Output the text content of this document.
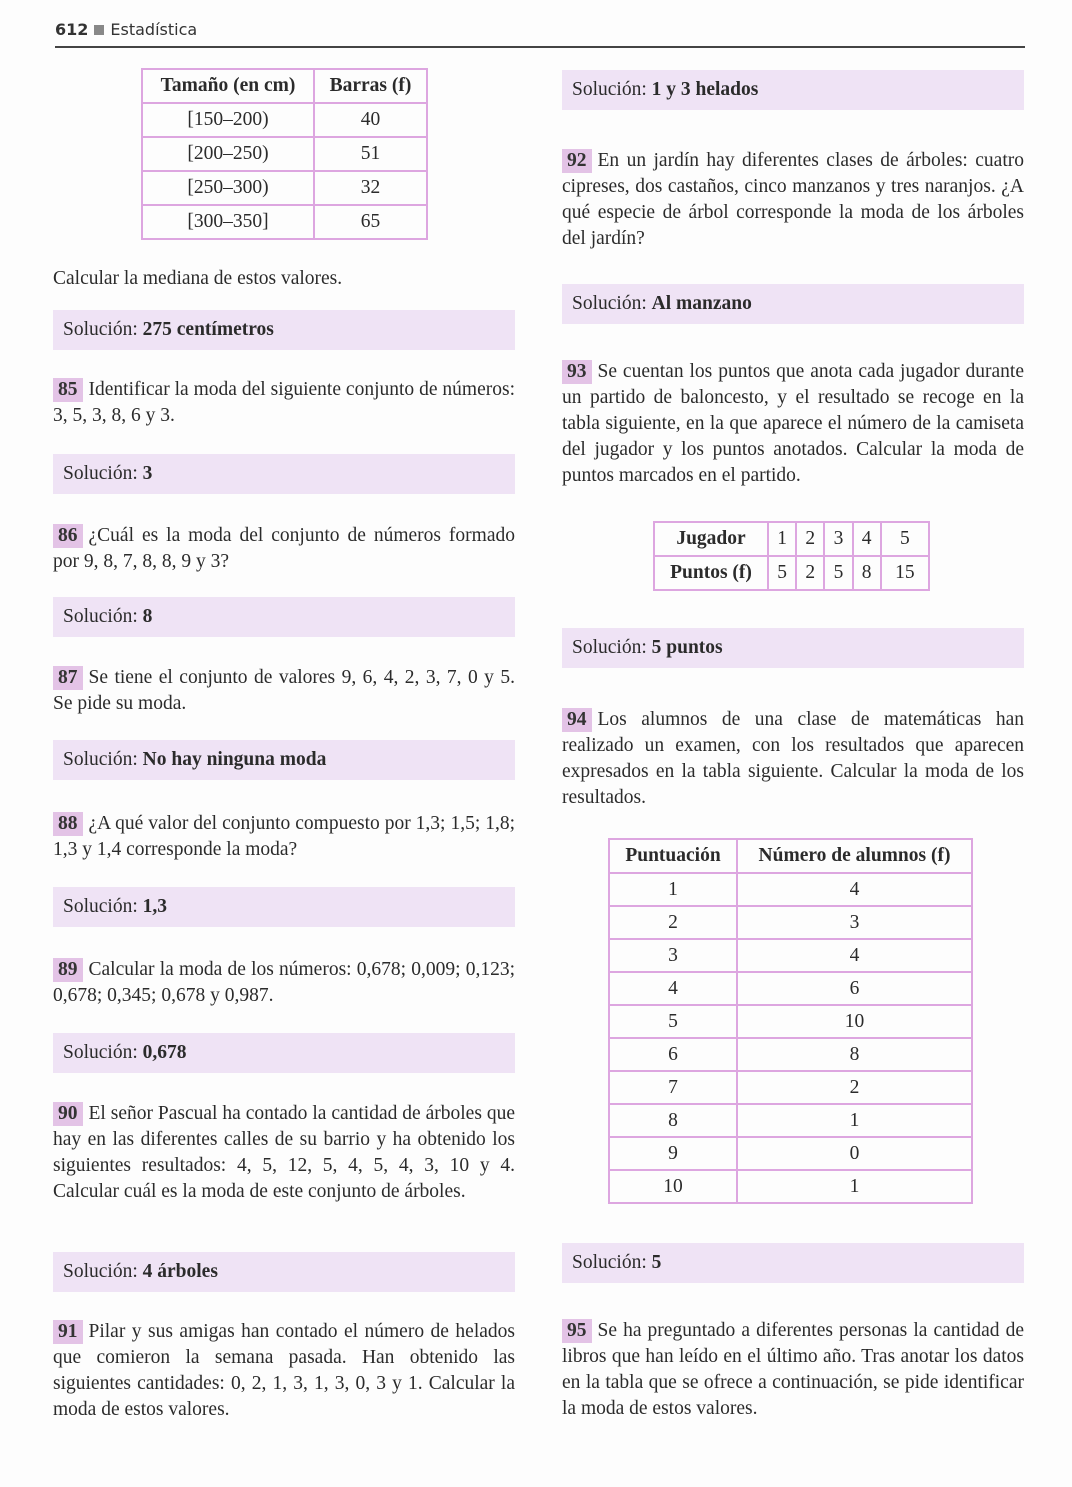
612 Estadística
Tamaño (en cm)	Barras (f)
[150–200)	40
[200–250)	51
[250–300)	32
[300–350]	65

Calcular la mediana de estos valores.

Solución: 275 centímetros

85 Identificar la moda del siguiente conjunto de números: 3, 5, 3, 8, 6 y 3.

Solución: 3

86 ¿Cuál es la moda del conjunto de números formado por 9, 8, 7, 8, 8, 9 y 3?

Solución: 8

87 Se tiene el conjunto de valores 9, 6, 4, 2, 3, 7, 0 y 5. Se pide su moda.

Solución: No hay ninguna moda

88 ¿A qué valor del conjunto compuesto por 1,3; 1,5; 1,8; 1,3 y 1,4 corresponde la moda?

Solución: 1,3

89 Calcular la moda de los números: 0,678; 0,009; 0,123; 0,678; 0,345; 0,678 y 0,987.

Solución: 0,678

90 El señor Pascual ha contado la cantidad de árboles que hay en las diferentes calles de su barrio y ha obtenido los siguientes resultados: 4, 5, 12, 5, 4, 5, 4, 3, 10 y 4. Calcular cuál es la moda de este conjunto de árboles.

Solución: 4 árboles

91 Pilar y sus amigas han contado el número de helados que comieron la semana pasada. Han obtenido las siguientes cantidades: 0, 2, 1, 3, 1, 3, 0, 3 y 1. Calcular la moda de estos valores.

Solución: 1 y 3 helados

92 En un jardín hay diferentes clases de árboles: cuatro cipreses, dos castaños, cinco manzanos y tres naranjos. ¿A qué especie de árbol corresponde la moda de los árboles del jardín?

Solución: Al manzano

93 Se cuentan los puntos que anota cada jugador durante un partido de baloncesto, y el resultado se recoge en la tabla siguiente, en la que aparece el número de la camiseta del jugador y los puntos anotados. Calcular la moda de puntos marcados en el partido.

Jugador	1	2	3	4	5
Puntos (f)	5	2	5	8	15
Solución: 5 puntos

94 Los alumnos de una clase de matemáticas han realizado un examen, con los resultados que aparecen expresados en la tabla siguiente. Calcular la moda de los resultados.

Puntuación	Número de alumnos (f)
1	4
2	3
3	4
4	6
5	10
6	8
7	2
8	1
9	0
10	1
Solución: 5

95 Se ha preguntado a diferentes personas la cantidad de libros que han leído en el último año. Tras anotar los datos en la tabla que se ofrece a continuación, se pide identificar la moda de estos valores.
